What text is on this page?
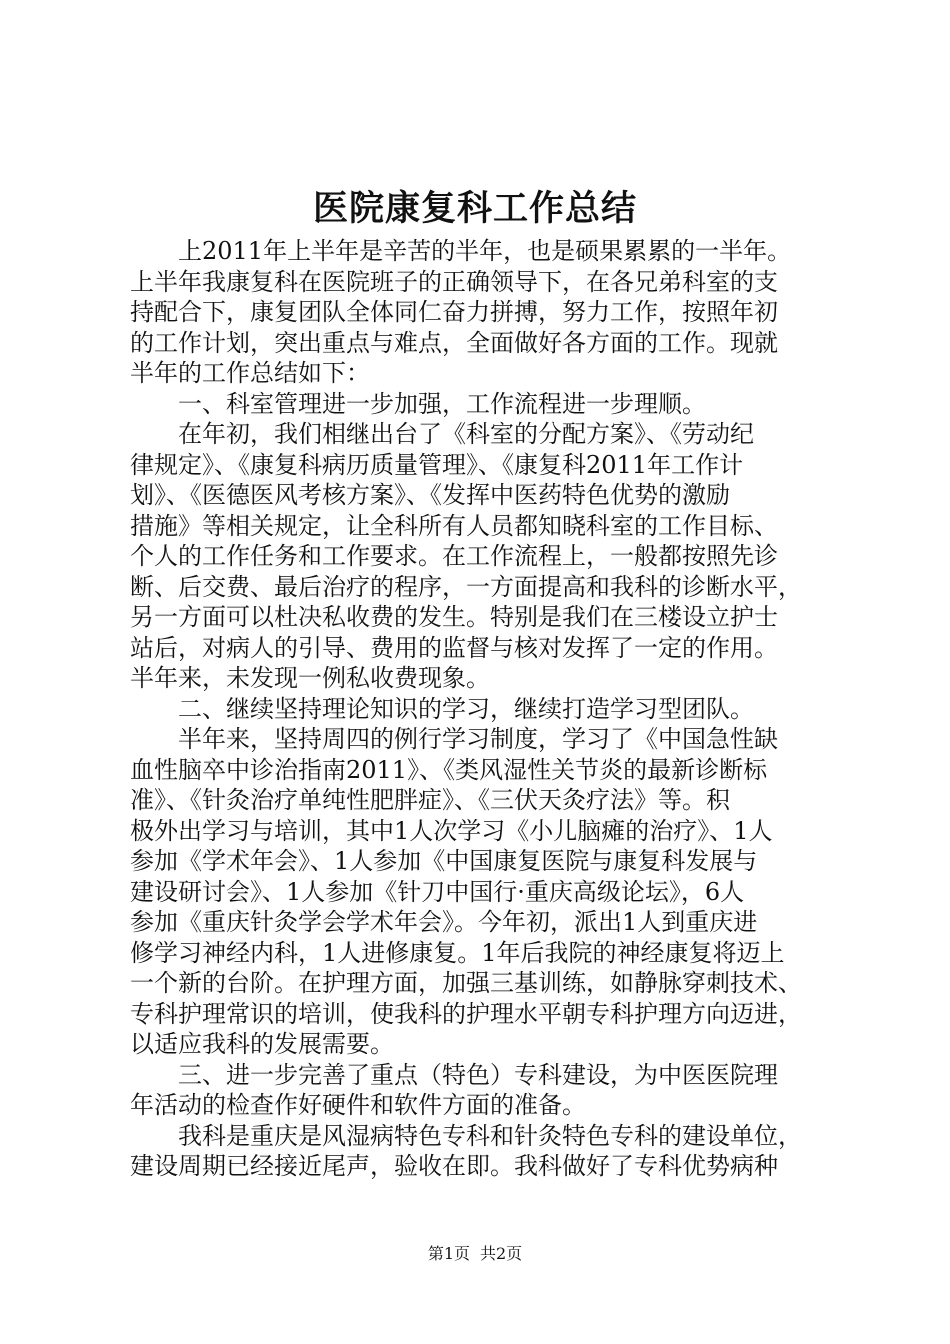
医院康复科工作总结

上2011年上半年是辛苦的半年，也是硕果累累的一半年。
上半年我康复科在医院班子的正确领导下，在各兄弟科室的支
持配合下，康复团队全体同仁奋力拼搏，努力工作，按照年初
的工作计划，突出重点与难点，全面做好各方面的工作。现就
半年的工作总结如下：

一、科室管理进一步加强，工作流程进一步理顺。

在年初，我们相继出台了《科室的分配方案》、《劳动纪
律规定》、《康复科病历质量管理》、《康复科2011年工作计
划》、《医德医风考核方案》、《发挥中医药特色优势的激励
措施》等相关规定，让全科所有人员都知晓科室的工作目标、
个人的工作任务和工作要求。在工作流程上，一般都按照先诊
断、后交费、最后治疗的程序，一方面提高和我科的诊断水平，
另一方面可以杜决私收费的发生。特别是我们在三楼设立护士
站后，对病人的引导、费用的监督与核对发挥了一定的作用。
半年来，未发现一例私收费现象。

二、继续坚持理论知识的学习，继续打造学习型团队。

半年来，坚持周四的例行学习制度，学习了《中国急性缺
血性脑卒中诊治指南2011》、《类风湿性关节炎的最新诊断标
准》、《针灸治疗单纯性肥胖症》、《三伏天灸疗法》等。积
极外出学习与培训，其中1人次学习《小儿脑瘫的治疗》、1人
参加《学术年会》、1人参加《中国康复医院与康复科发展与
建设研讨会》、1人参加《针刀中国行·重庆高级论坛》，6人
参加《重庆针灸学会学术年会》。今年初，派出1人到重庆进
修学习神经内科，1人进修康复。1年后我院的神经康复将迈上
一个新的台阶。在护理方面，加强三基训练，如静脉穿刺技术、
专科护理常识的培训，使我科的护理水平朝专科护理方向迈进，
以适应我科的发展需要。

三、进一步完善了重点（特色）专科建设，为中医医院理
年活动的检查作好硬件和软件方面的准备。

我科是重庆是风湿病特色专科和针灸特色专科的建设单位，
建设周期已经接近尾声，验收在即。我科做好了专科优势病种

第1页 共2页
